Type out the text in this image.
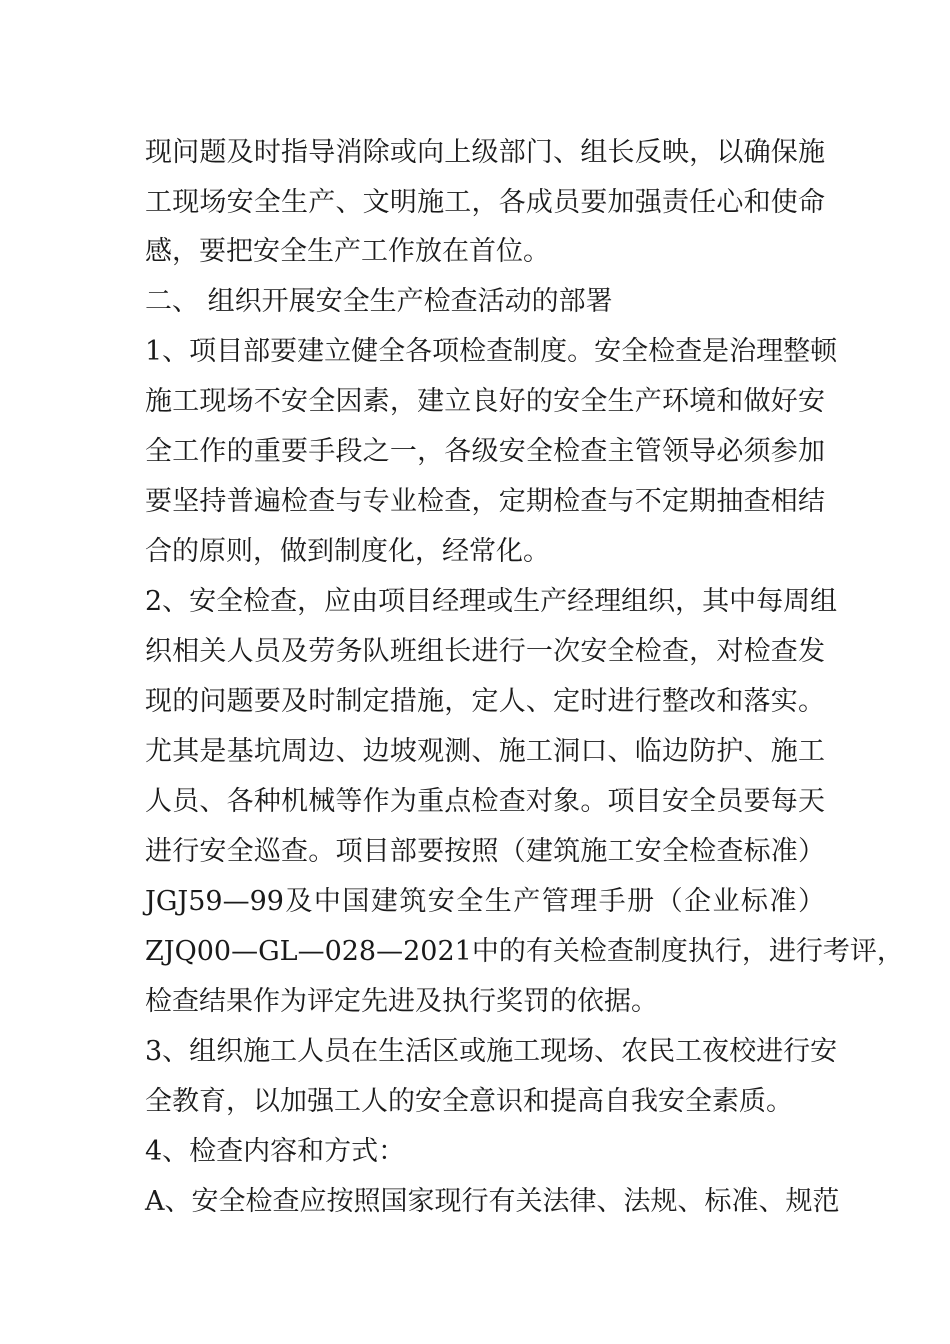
现问题及时指导消除或向上级部门、组长反映，以确保施

工现场安全生产、文明施工，各成员要加强责任心和使命

感，要把安全生产工作放在首位。

二、 组织开展安全生产检查活动的部署

1、项目部要建立健全各项检查制度。安全检查是治理整顿

施工现场不安全因素，建立良好的安全生产环境和做好安

全工作的重要手段之一，各级安全检查主管领导必须参加

要坚持普遍检查与专业检查，定期检查与不定期抽查相结

合的原则，做到制度化，经常化。

2、安全检查，应由项目经理或生产经理组织，其中每周组

织相关人员及劳务队班组长进行一次安全检查，对检查发

现的问题要及时制定措施，定人、定时进行整改和落实。

尤其是基坑周边、边坡观测、施工洞口、临边防护、施工

人员、各种机械等作为重点检查对象。项目安全员要每天

进行安全巡查。项目部要按照（建筑施工安全检查标准）

JGJ59—99及中国建筑安全生产管理手册（企业标准）

ZJQ00—GL—028—2021中的有关检查制度执行，进行考评，

检查结果作为评定先进及执行奖罚的依据。

3、组织施工人员在生活区或施工现场、农民工夜校进行安

全教育，以加强工人的安全意识和提高自我安全素质。

4、检查内容和方式：

A、安全检查应按照国家现行有关法律、法规、标准、规范
